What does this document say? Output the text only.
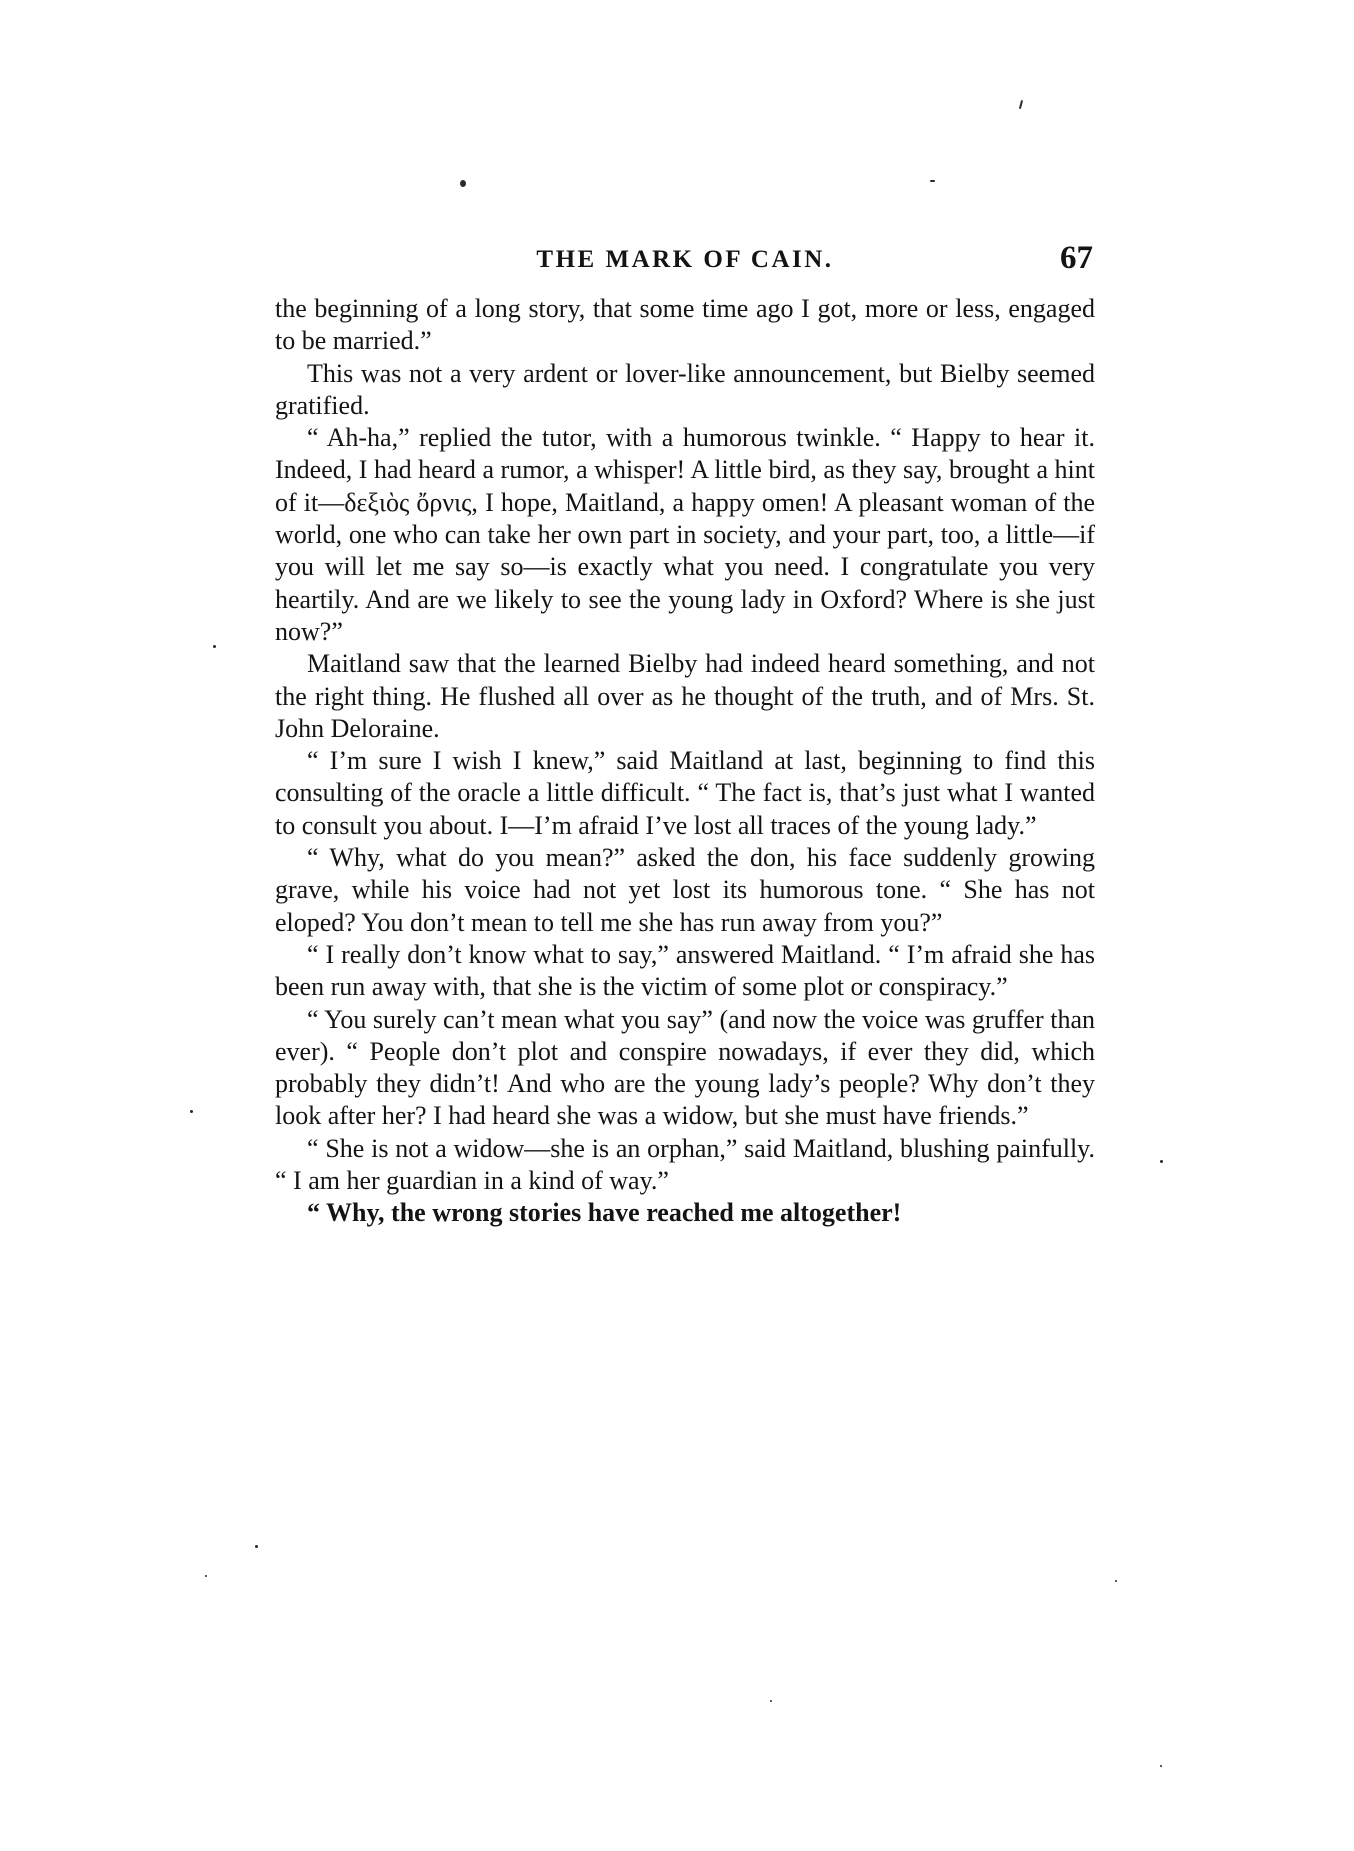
THE MARK OF CAIN.	67

the beginning of a long story, that some time ago I got, more or less, engaged to be married.”

This was not a very ardent or lover-like announcement, but Bielby seemed gratified.

“ Ah-ha,” replied the tutor, with a humorous twinkle. “ Happy to hear it. Indeed, I had heard a rumor, a whisper! A little bird, as they say, brought a hint of it—δεξιὸς ὄρνις, I hope, Maitland, a happy omen! A pleasant woman of the world, one who can take her own part in society, and your part, too, a little—if you will let me say so—is exactly what you need. I congratulate you very heartily. And are we likely to see the young lady in Oxford? Where is she just now?”

Maitland saw that the learned Bielby had indeed heard something, and not the right thing. He flushed all over as he thought of the truth, and of Mrs. St. John Deloraine.

“ I’m sure I wish I knew,” said Maitland at last, beginning to find this consulting of the oracle a little difficult. “ The fact is, that’s just what I wanted to consult you about. I—I’m afraid I’ve lost all traces of the young lady.”

“ Why, what do you mean?” asked the don, his face suddenly growing grave, while his voice had not yet lost its humorous tone. “ She has not eloped? You don’t mean to tell me she has run away from you?”

“ I really don’t know what to say,” answered Maitland. “ I’m afraid she has been run away with, that she is the victim of some plot or conspiracy.”

“ You surely can’t mean what you say” (and now the voice was gruffer than ever). “ People don’t plot and conspire nowadays, if ever they did, which probably they didn’t! And who are the young lady’s people? Why don’t they look after her? I had heard she was a widow, but she must have friends.”

“ She is not a widow—she is an orphan,” said Maitland, blushing painfully. “ I am her guardian in a kind of way.”

“ Why, the wrong stories have reached me altogether!
